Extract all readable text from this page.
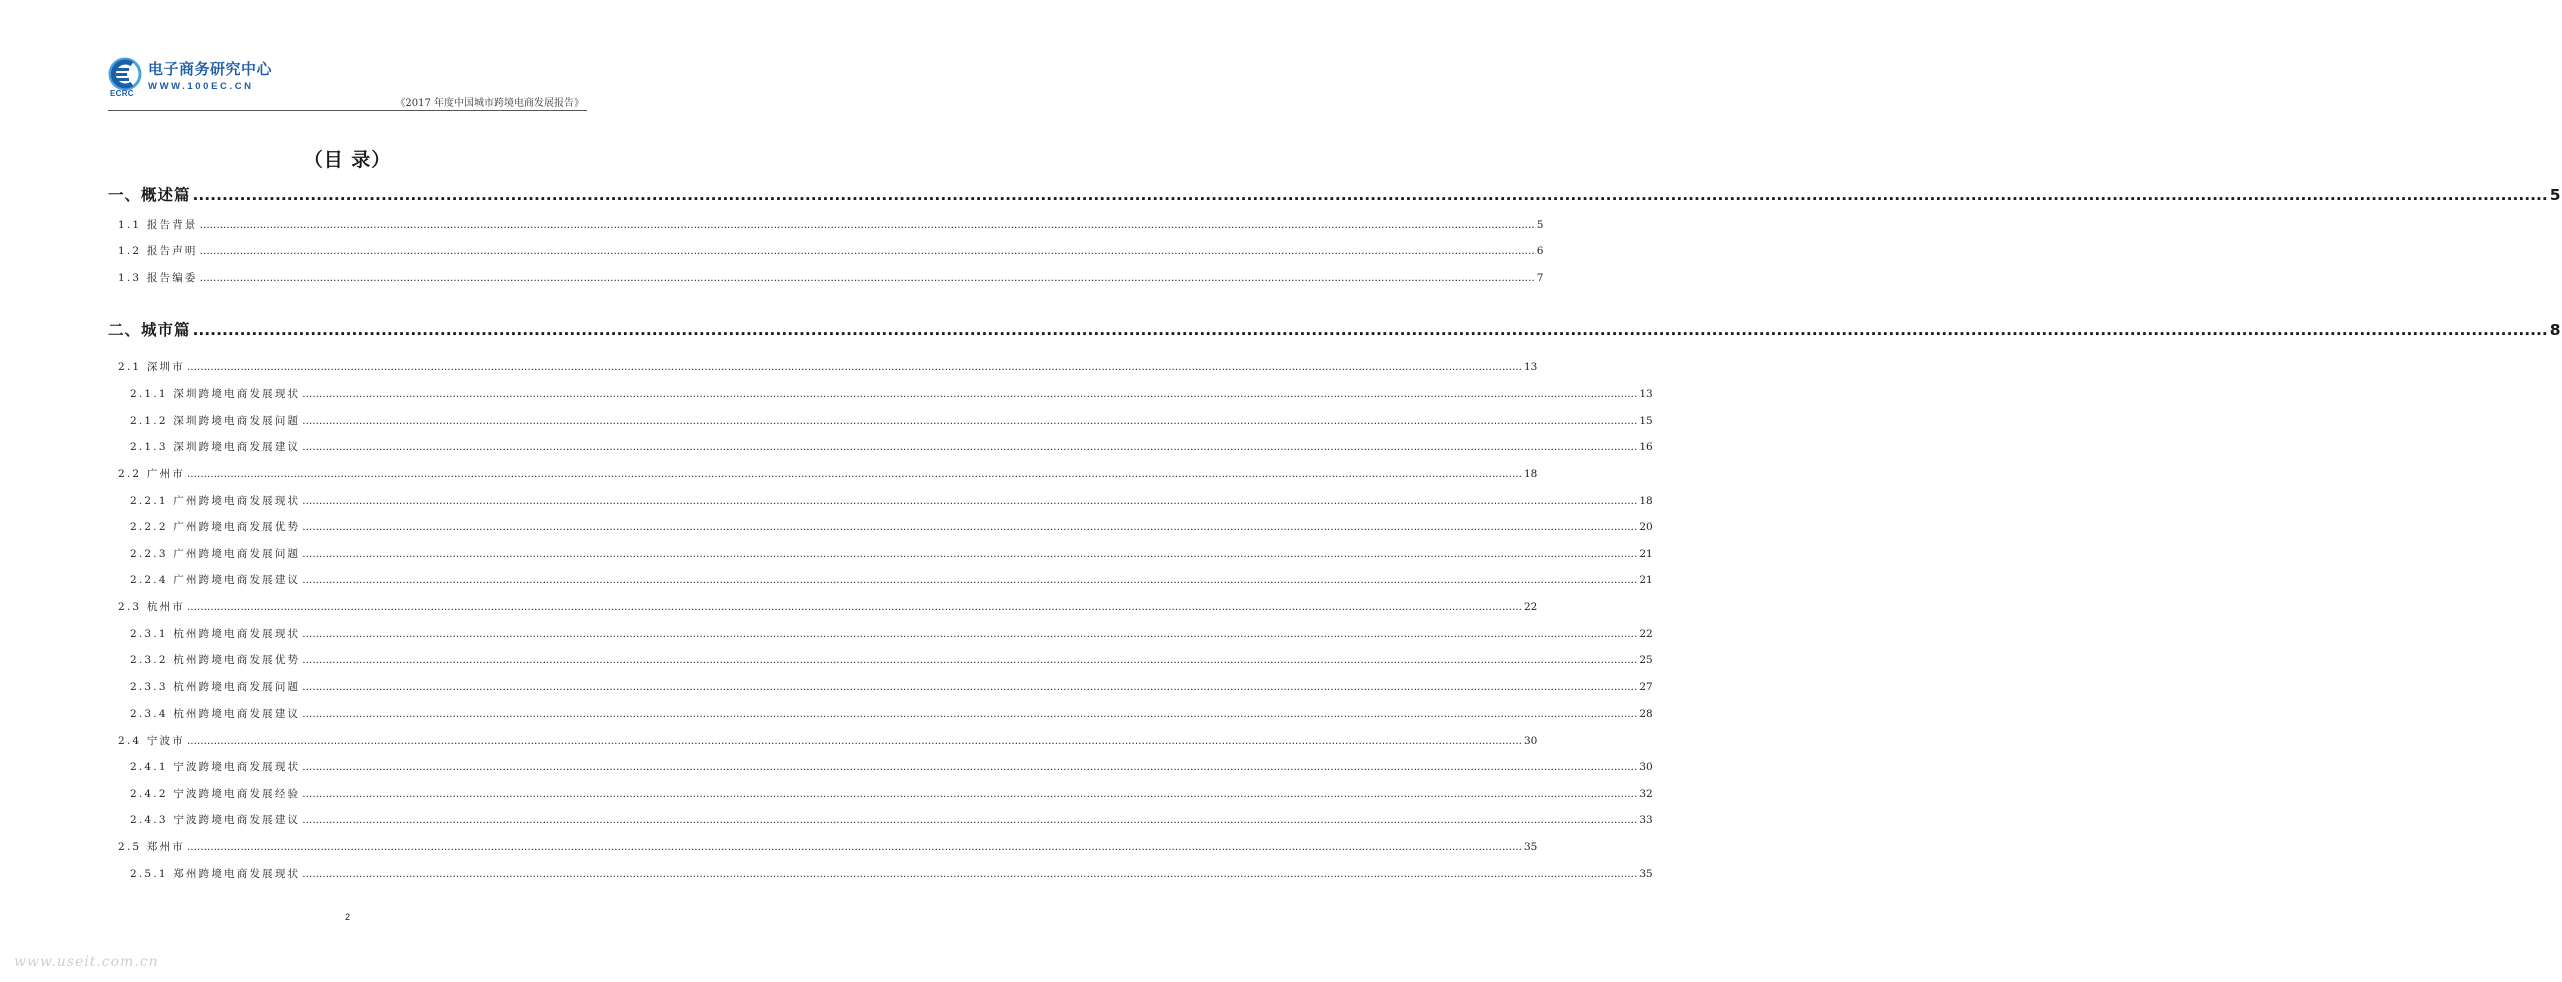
ECRC
电子商务研究中心
WWW.100EC.CN
《2017 年度中国城市跨境电商发展报告》
（目 录）
一、概述篇 ................................................................................................................................................................................................................................................................................................................................................................................................................ 5
1.1 报告背景 ................................................................................................................................................................................................................................................................................................................................................................................................................ 5
1.2 报告声明 ................................................................................................................................................................................................................................................................................................................................................................................................................ 6
1.3 报告编委 ................................................................................................................................................................................................................................................................................................................................................................................................................ 7
二、城市篇 ................................................................................................................................................................................................................................................................................................................................................................................................................ 8
2.1 深圳市 ................................................................................................................................................................................................................................................................................................................................................................................................................ 13
2.1.1 深圳跨境电商发展现状 ................................................................................................................................................................................................................................................................................................................................................................................................................ 13
2.1.2 深圳跨境电商发展问题 ................................................................................................................................................................................................................................................................................................................................................................................................................ 15
2.1.3 深圳跨境电商发展建议 ................................................................................................................................................................................................................................................................................................................................................................................................................ 16
2.2 广州市 ................................................................................................................................................................................................................................................................................................................................................................................................................ 18
2.2.1 广州跨境电商发展现状 ................................................................................................................................................................................................................................................................................................................................................................................................................ 18
2.2.2 广州跨境电商发展优势 ................................................................................................................................................................................................................................................................................................................................................................................................................ 20
2.2.3 广州跨境电商发展问题 ................................................................................................................................................................................................................................................................................................................................................................................................................ 21
2.2.4 广州跨境电商发展建议 ................................................................................................................................................................................................................................................................................................................................................................................................................ 21
2.3 杭州市 ................................................................................................................................................................................................................................................................................................................................................................................................................ 22
2.3.1 杭州跨境电商发展现状 ................................................................................................................................................................................................................................................................................................................................................................................................................ 22
2.3.2 杭州跨境电商发展优势 ................................................................................................................................................................................................................................................................................................................................................................................................................ 25
2.3.3 杭州跨境电商发展问题 ................................................................................................................................................................................................................................................................................................................................................................................................................ 27
2.3.4 杭州跨境电商发展建议 ................................................................................................................................................................................................................................................................................................................................................................................................................ 28
2.4 宁波市 ................................................................................................................................................................................................................................................................................................................................................................................................................ 30
2.4.1 宁波跨境电商发展现状 ................................................................................................................................................................................................................................................................................................................................................................................................................ 30
2.4.2 宁波跨境电商发展经验 ................................................................................................................................................................................................................................................................................................................................................................................................................ 32
2.4.3 宁波跨境电商发展建议 ................................................................................................................................................................................................................................................................................................................................................................................................................ 33
2.5 郑州市 ................................................................................................................................................................................................................................................................................................................................................................................................................ 35
2.5.1 郑州跨境电商发展现状 ................................................................................................................................................................................................................................................................................................................................................................................................................ 35
2
www.useit.com.cn
